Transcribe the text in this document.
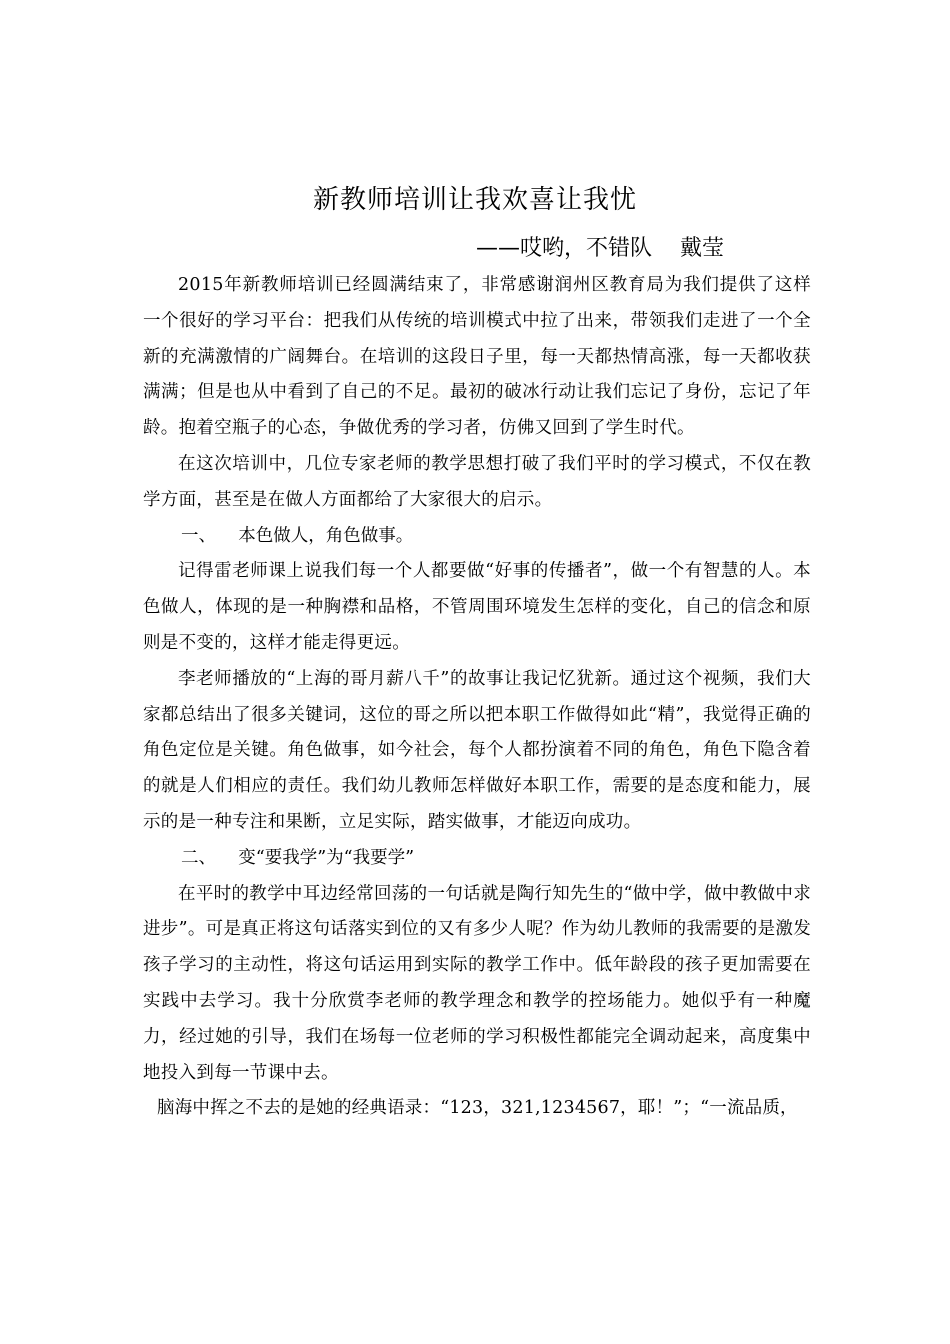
新教师培训让我欢喜让我忧
——哎哟，不错队    戴莹

2015年新教师培训已经圆满结束了，非常感谢润州区教育局为我们提供了这样一个很好的学习平台：把我们从传统的培训模式中拉了出来，带领我们走进了一个全新的充满激情的广阔舞台。在培训的这段日子里，每一天都热情高涨，每一天都收获满满；但是也从中看到了自己的不足。最初的破冰行动让我们忘记了身份，忘记了年龄。抱着空瓶子的心态，争做优秀的学习者，仿佛又回到了学生时代。

在这次培训中，几位专家老师的教学思想打破了我们平时的学习模式，不仅在教学方面，甚至是在做人方面都给了大家很大的启示。

一、    本色做人，角色做事。

记得雷老师课上说我们每一个人都要做“好事的传播者”，做一个有智慧的人。本色做人，体现的是一种胸襟和品格，不管周围环境发生怎样的变化，自己的信念和原则是不变的，这样才能走得更远。

李老师播放的“上海的哥月薪八千”的故事让我记忆犹新。通过这个视频，我们大家都总结出了很多关键词，这位的哥之所以把本职工作做得如此“精”，我觉得正确的角色定位是关键。角色做事，如今社会，每个人都扮演着不同的角色，角色下隐含着的就是人们相应的责任。我们幼儿教师怎样做好本职工作，需要的是态度和能力，展示的是一种专注和果断，立足实际，踏实做事，才能迈向成功。

二、    变“要我学”为“我要学”

在平时的教学中耳边经常回荡的一句话就是陶行知先生的“做中学，做中教做中求进步”。可是真正将这句话落实到位的又有多少人呢？作为幼儿教师的我需要的是激发孩子学习的主动性，将这句话运用到实际的教学工作中。低年龄段的孩子更加需要在实践中去学习。我十分欣赏李老师的教学理念和教学的控场能力。她似乎有一种魔力，经过她的引导，我们在场每一位老师的学习积极性都能完全调动起来，高度集中地投入到每一节课中去。

脑海中挥之不去的是她的经典语录：“123，321,1234567，耶！”；“一流品质，
